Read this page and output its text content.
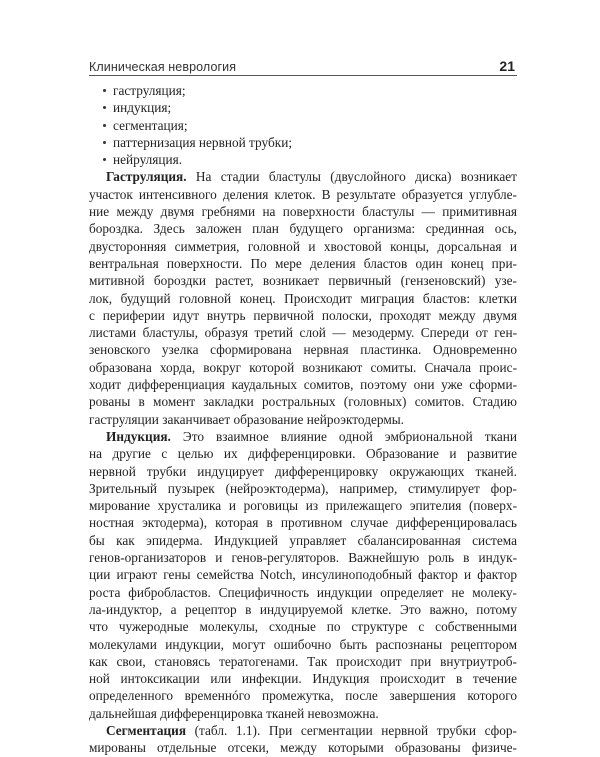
Клиническая неврология	21
гаструляция;
индукция;
сегментация;
паттернизация нервной трубки;
нейруляция.
Гаструляция. На стадии бластулы (двуслойного диска) возникает
участок интенсивного деления клеток. В результате образуется углубле-
ние между двумя гребнями на поверхности бластулы — примитивная
бороздка. Здесь заложен план будущего организма: срединная ось,
двусторонняя симметрия, головной и хвостовой концы, дорсальная и
вентральная поверхности. По мере деления бластов один конец при-
митивной бороздки растет, возникает первичный (гензеновский) узе-
лок, будущий головной конец. Происходит миграция бластов: клетки
с периферии идут внутрь первичной полоски, проходят между двумя
листами бластулы, образуя третий слой — мезодерму. Спереди от ген-
зеновского узелка сформирована нервная пластинка. Одновременно
образована хорда, вокруг которой возникают сомиты. Сначала проис-
ходит дифференциация каудальных сомитов, поэтому они уже сформи-
рованы в момент закладки ростральных (головных) сомитов. Стадию
гаструляции заканчивает образование нейроэктодермы.
Индукция. Это взаимное влияние одной эмбриональной ткани
на другие с целью их дифференцировки. Образование и развитие
нервной трубки индуцирует дифференцировку окружающих тканей.
Зрительный пузырек (нейроэктодерма), например, стимулирует фор-
мирование хрусталика и роговицы из прилежащего эпителия (поверх-
ностная эктодерма), которая в противном случае дифференцировалась
бы как эпидерма. Индукцией управляет сбалансированная система
генов-организаторов и генов-регуляторов. Важнейшую роль в индук-
ции играют гены семейства Notch, инсулиноподобный фактор и фактор
роста фибробластов. Специфичность индукции определяет не молеку-
ла-индуктор, а рецептор в индуцируемой клетке. Это важно, потому
что чужеродные молекулы, сходные по структуре с собственными
молекулами индукции, могут ошибочно быть распознаны рецептором
как свои, становясь тератогенами. Так происходит при внутриутроб-
ной интоксикации или инфекции. Индукция происходит в течение
определенного временнóго промежутка, после завершения которого
дальнейшая дифференцировка тканей невозможна.
Сегментация (табл. 1.1). При сегментации нервной трубки сфор-
мированы отдельные отсеки, между которыми образованы физиче-
